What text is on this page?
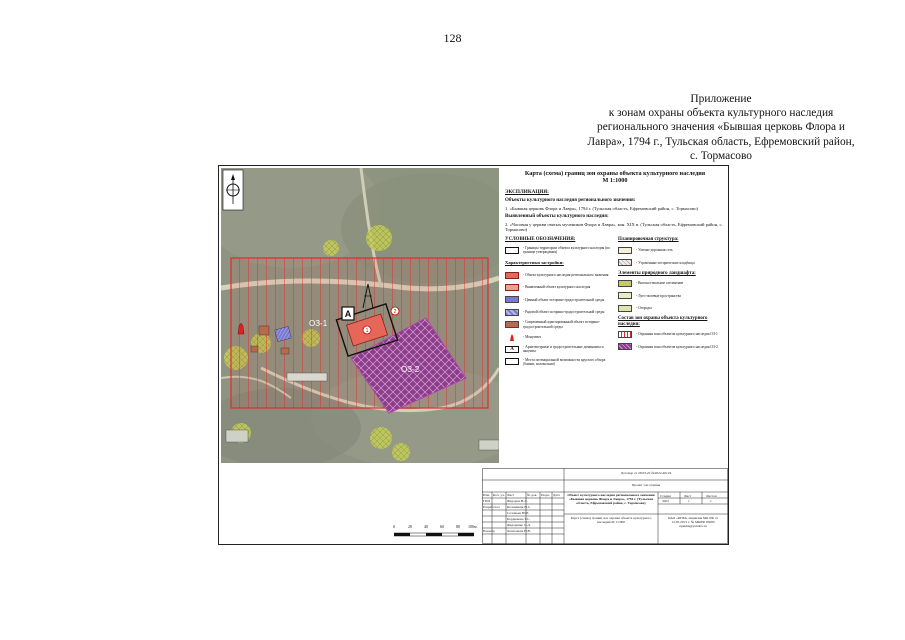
128
Приложение
к зонам охраны объекта культурного наследия
регионального значения «Бывшая церковь Флора и
Лавра», 1794 г., Тульская область, Ефремовский район,
с. Тормасово
1
2
А
ОЗ-1
ОЗ-2
Карта (схема) границ зон охраны объекта культурного наследия
М 1:1000
ЭКСПЛИКАЦИЯ:
Объекты культурного наследия регионального значения:
1. «Бывшая церковь Флора и Лавра», 1794 г. (Тульская область, Ефремовский район, с. Тормасово)
Выявленный объекты культурного наследия:
2. «Часовня у церкви святых мучеников Флора и Лавра», кон. XIX в. (Тульская область, Ефремовский район, с. Тормасово)
УСЛОВНЫЕ ОБОЗНАЧЕНИЯ:
- Границы территории объекта культурного наследия (по границе утверждения)
Характеристики застройки:
- Объект культурного наследия регионального значения
- Выявленный объект культурного наследия
- Ценный объект историко-градостроительной среды
- Рядовой объект историко-градостроительной среды
- Современный адаптированный объект историко-градостроительной среды
- Монумент
А	- Архитектурные и градостроительные доминанты и акценты
- Места потенциальной возможности круглого обзора (башни, колокольни)
Планировочная структура:
- Улично-дорожная сеть
- Утраченные исторические кладбища
Элементы природного ландшафта:
- Высокоствольное озеленение
- Луго-полевые пространства
- Огороды
Состав зон охраны объекта культурного наследия:
- Охранная зона объектов культурного наследия ОЗ-1
- Охранная зона объектов культурного наследия ОЗ-2
Договор от 28.03.22 №2022.40124
Проект зон охраны
Объект культурного наследия регионального значения «Бывшая церковь Флора и Лавра», 1794 г. (Тульская область, Ефремовский район, с. Тормасово)
Карта (схема) границ зон охраны объекта культурного наследия М 1:1000
Стадия	Лист	Листов
ЗОО	1	1
ОАО «КПМ» лицензия МК РФ от 12.05.2015 г. № МКРФ 05682 npskhn@yandex.ru
Изм. Кол. уч. Лист	№ док. Подп. Дата
ГИП	Федоров Н.Л.
Разработал Коломиецк Н.С.
Соловьев Ю.Е.
Кордюкова Т.С.
Федоренко С.Д.
Н.контр	Лештокова Н.В.
0	20	40	60	80 100м
